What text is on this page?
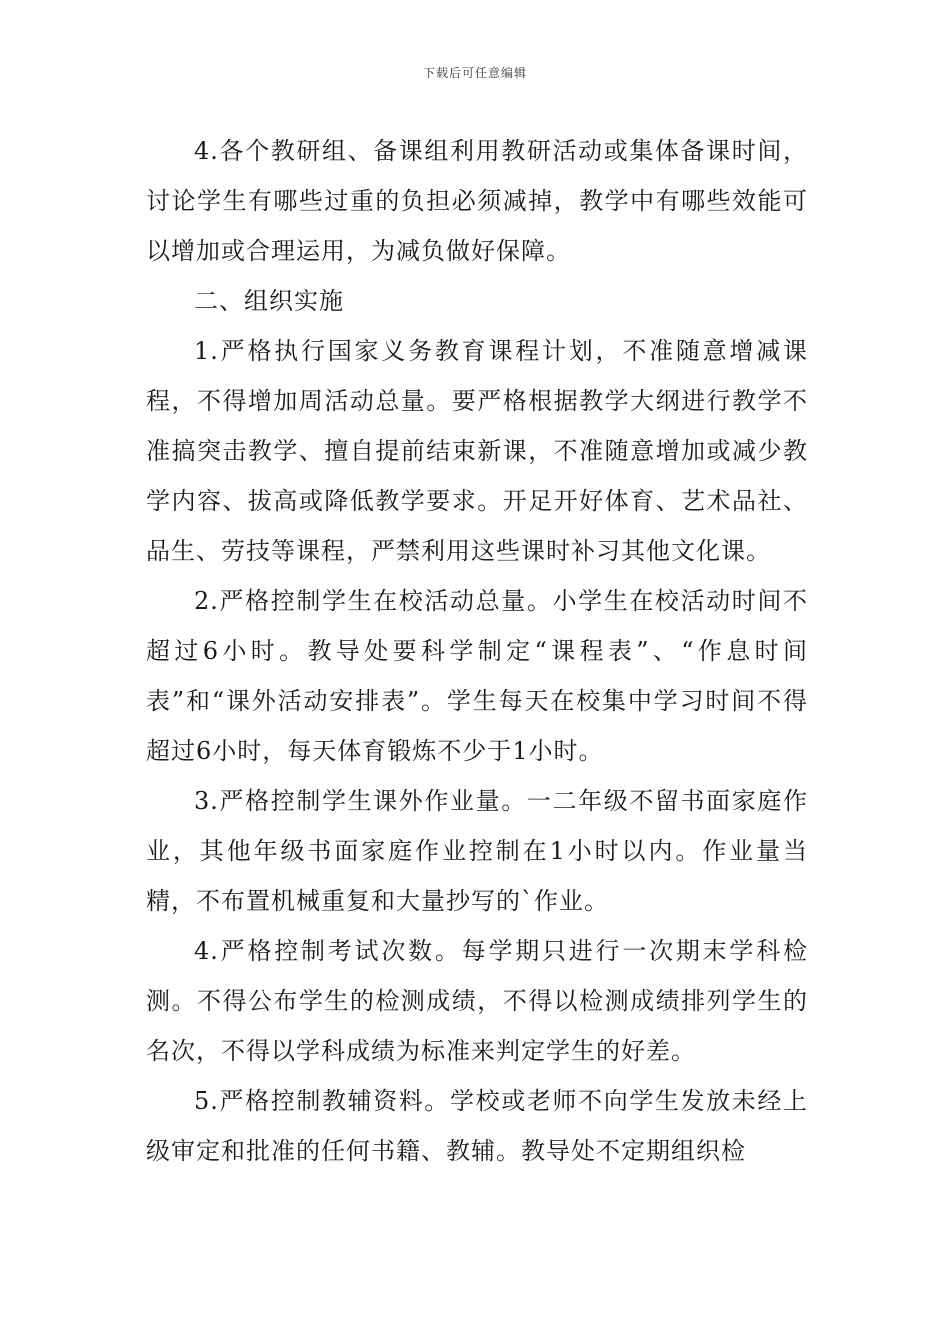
下载后可任意编辑

4.各个教研组、备课组利用教研活动或集体备课时间，讨论学生有哪些过重的负担必须减掉，教学中有哪些效能可以增加或合理运用，为减负做好保障。

二、组织实施

1.严格执行国家义务教育课程计划，不准随意增减课程，不得增加周活动总量。要严格根据教学大纲进行教学不准搞突击教学、擅自提前结束新课，不准随意增加或减少教学内容、拔高或降低教学要求。开足开好体育、艺术品社、品生、劳技等课程，严禁利用这些课时补习其他文化课。

2.严格控制学生在校活动总量。小学生在校活动时间不超过6小时。教导处要科学制定“课程表”、“作息时间表”和“课外活动安排表”。学生每天在校集中学习时间不得超过6小时，每天体育锻炼不少于1小时。

3.严格控制学生课外作业量。一二年级不留书面家庭作业，其他年级书面家庭作业控制在1小时以内。作业量当精，不布置机械重复和大量抄写的`作业。

4.严格控制考试次数。每学期只进行一次期末学科检测。不得公布学生的检测成绩，不得以检测成绩排列学生的名次，不得以学科成绩为标准来判定学生的好差。

5.严格控制教辅资料。学校或老师不向学生发放未经上级审定和批准的任何书籍、教辅。教导处不定期组织检
